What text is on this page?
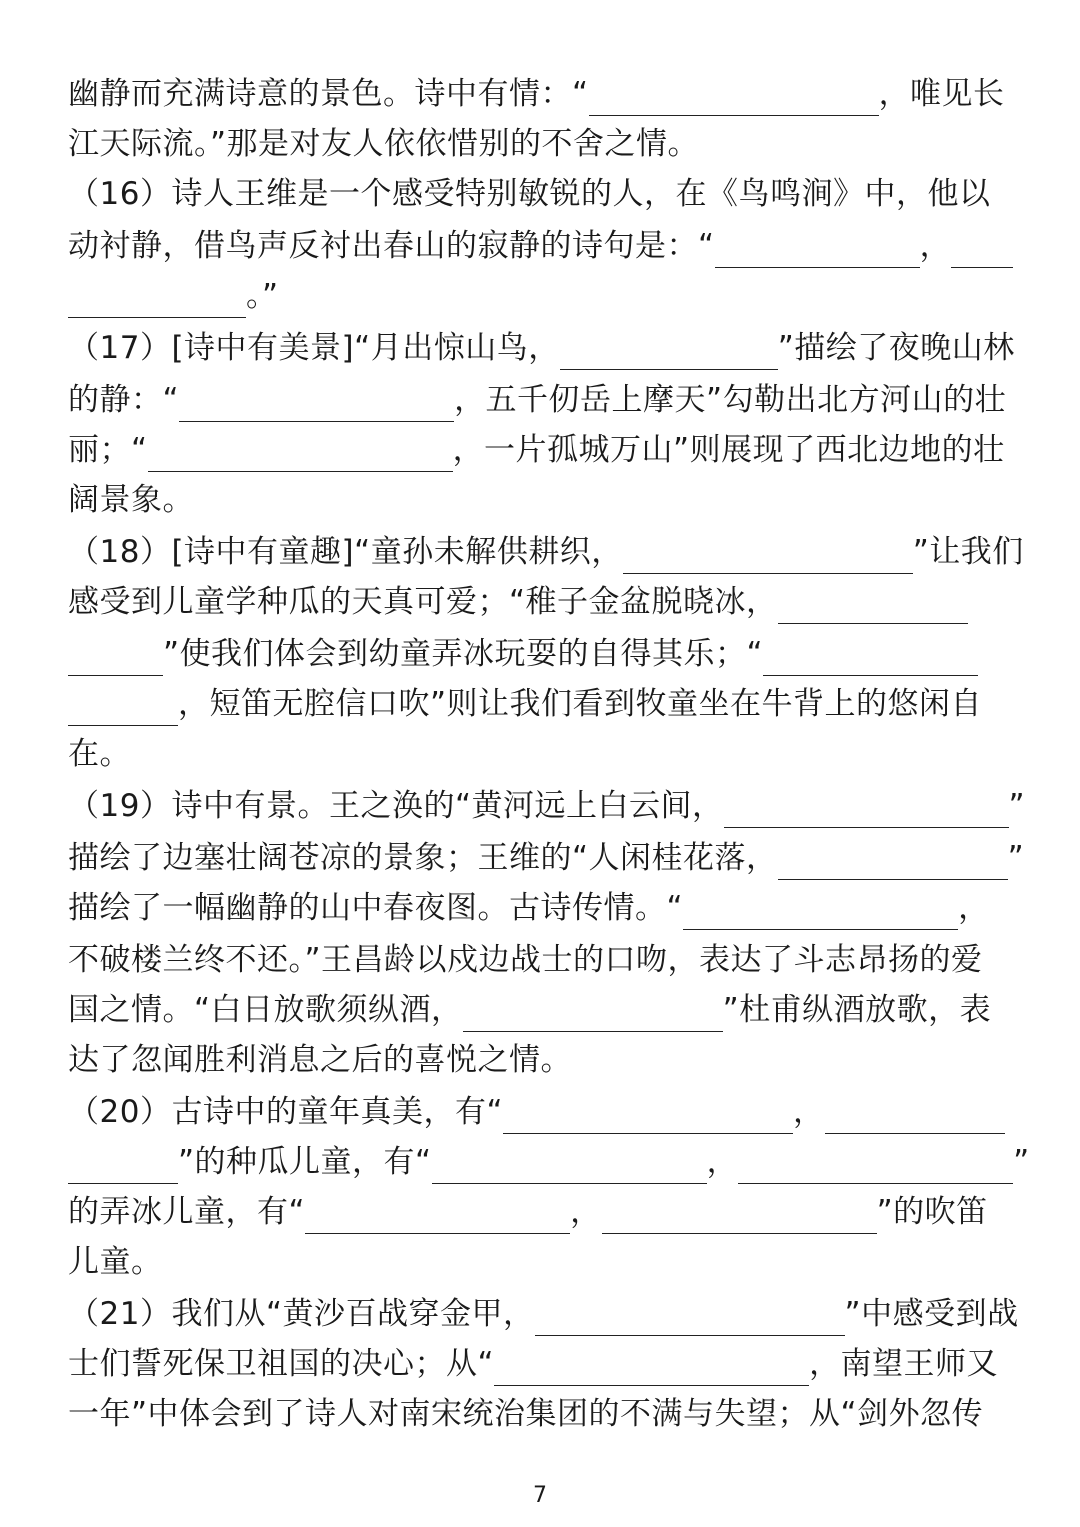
幽静而充满诗意的景色。诗中有情：“	，唯见长
江天际流。”那是对友人依依惜别的不舍之情。
（16）诗人王维是一个感受特别敏锐的人，在《鸟鸣涧》中，他以
动衬静，借鸟声反衬出春山的寂静的诗句是：“	，
。”
（17）[诗中有美景]“月出惊山鸟，	”描绘了夜晚山林
的静：“	，五千仞岳上摩天”勾勒出北方河山的壮
丽；“	，一片孤城万山”则展现了西北边地的壮
阔景象。
（18）[诗中有童趣]“童孙未解供耕织，	”让我们
感受到儿童学种瓜的天真可爱；“稚子金盆脱晓冰，
”使我们体会到幼童弄冰玩耍的自得其乐；“
，短笛无腔信口吹”则让我们看到牧童坐在牛背上的悠闲自
在。
（19）诗中有景。王之涣的“黄河远上白云间，	”
描绘了边塞壮阔苍凉的景象；王维的“人闲桂花落，	”
描绘了一幅幽静的山中春夜图。古诗传情。“	，
不破楼兰终不还。”王昌龄以戍边战士的口吻，表达了斗志昂扬的爱
国之情。“白日放歌须纵酒，	”杜甫纵酒放歌，表
达了忽闻胜利消息之后的喜悦之情。
（20）古诗中的童年真美，有“	，
”的种瓜儿童，有“	，	”
的弄冰儿童，有“	，	”的吹笛
儿童。
（21）我们从“黄沙百战穿金甲，	”中感受到战
士们誓死保卫祖国的决心；从“	，南望王师又
一年”中体会到了诗人对南宋统治集团的不满与失望；从“剑外忽传
7
